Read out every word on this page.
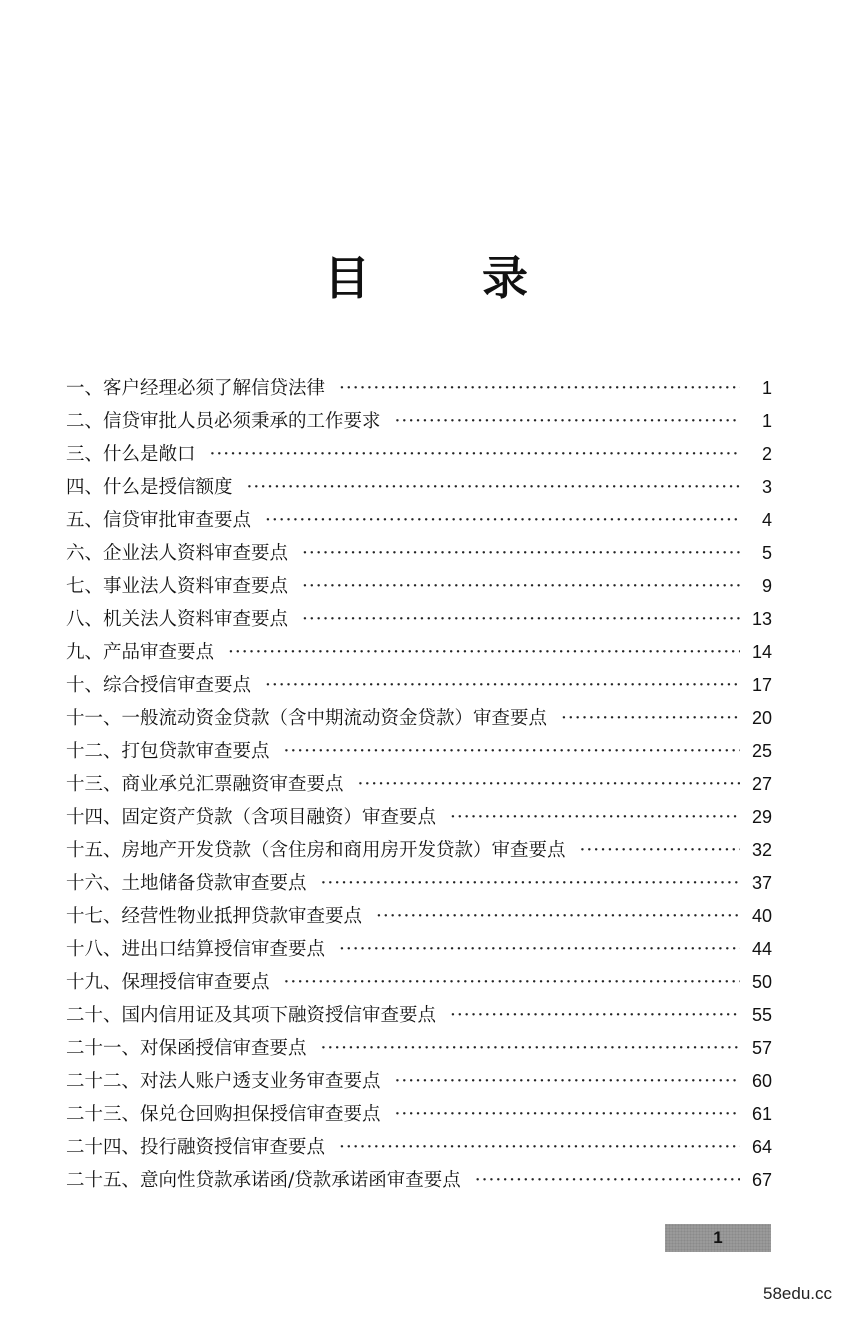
目 录
一、客户经理必须了解信贷法律 ·····	1
二、信贷审批人员必须秉承的工作要求 ·····	1
三、什么是敞口 ·····	2
四、什么是授信额度 ·····	3
五、信贷审批审查要点 ·····	4
六、企业法人资料审查要点 ·····	5
七、事业法人资料审查要点 ·····	9
八、机关法人资料审查要点 ·····	13
九、产品审查要点 ·····	14
十、综合授信审查要点 ·····	17
十一、一般流动资金贷款（含中期流动资金贷款）审查要点 ·····	20
十二、打包贷款审查要点 ·····	25
十三、商业承兑汇票融资审查要点 ·····	27
十四、固定资产贷款（含项目融资）审查要点 ·····	29
十五、房地产开发贷款（含住房和商用房开发贷款）审查要点 ·····	32
十六、土地储备贷款审查要点 ·····	37
十七、经营性物业抵押贷款审查要点 ·····	40
十八、进出口结算授信审查要点 ·····	44
十九、保理授信审查要点 ·····	50
二十、国内信用证及其项下融资授信审查要点 ·····	55
二十一、对保函授信审查要点 ·····	57
二十二、对法人账户透支业务审查要点 ·····	60
二十三、保兑仓回购担保授信审查要点 ·····	61
二十四、投行融资授信审查要点 ·····	64
二十五、意向性贷款承诺函/贷款承诺函审查要点 ·····	67
1
58edu.cc
